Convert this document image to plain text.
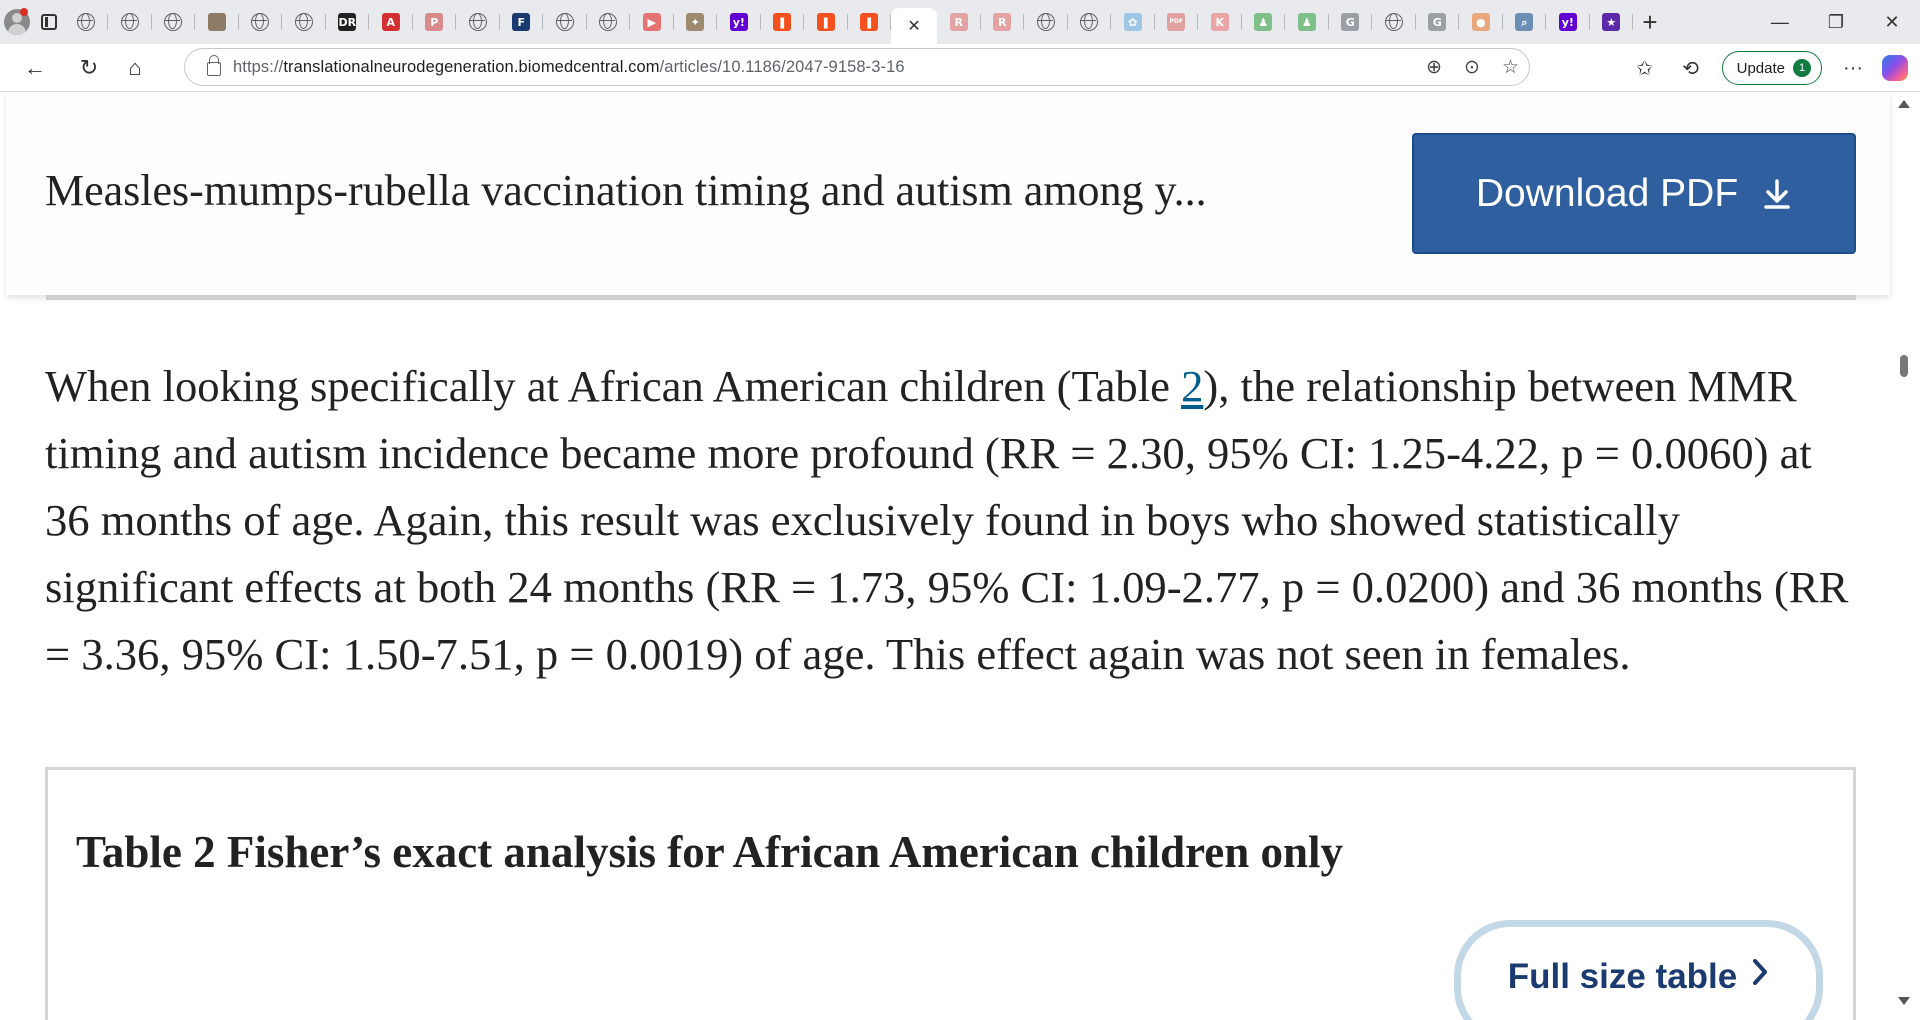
DR	A	P	F	▶	✦	y!	❚	❚	❚ ✕	R	R	✿	PDF	K	♟	♟	G	G	●	⌕	y!	★	+	—	❐	✕
← ↻ ⌂	https://translationalneurodegeneration.biomedcentral.com/articles/10.1186/2047-9158-3-16	⊕ ⊙ ☆	✩ ⟲	Update	1 ···
Measles-mumps-rubella vaccination timing and autism among y...	Download PDF

When looking specifically at African American children (Table 2), the relationship between MMR timing and autism incidence became more profound (RR = 2.30, 95% CI: 1.25-4.22, p = 0.0060) at 36 months of age. Again, this result was exclusively found in boys who showed statistically significant effects at both 24 months (RR = 1.73, 95% CI: 1.09-2.77, p = 0.0200) and 36 months (RR = 3.36, 95% CI: 1.50-7.51, p = 0.0019) of age. This effect again was not seen in females.

Table 2 Fisher’s exact analysis for African American children only
Full size table
